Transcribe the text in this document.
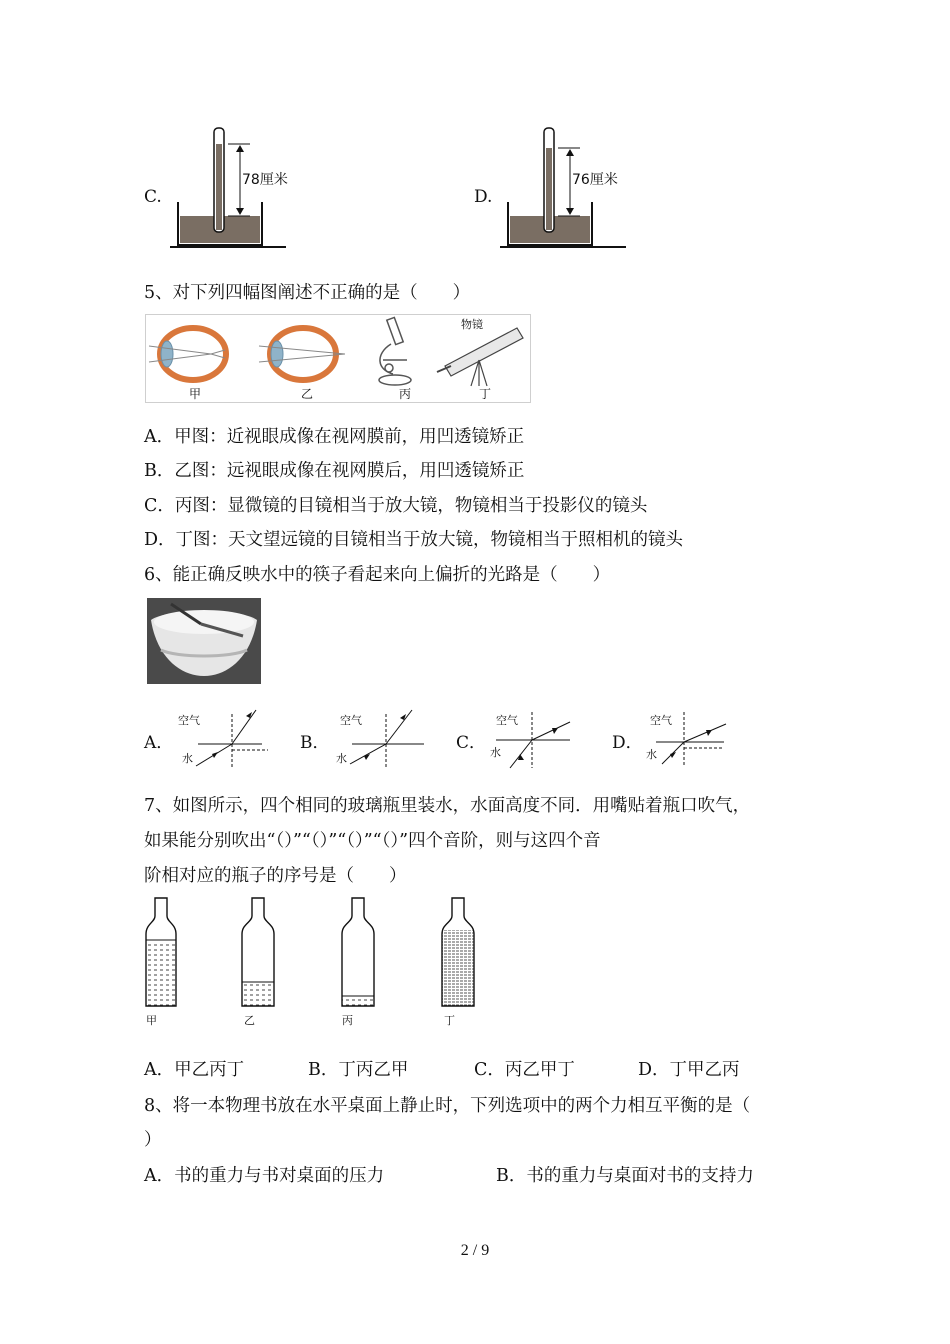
C.
78厘米
D.
76厘米
5、对下列四幅图阐述不正确的是（　　）
甲	乙	丙
物镜
丁
A．甲图：近视眼成像在视网膜前，用凹透镜矫正
B．乙图：远视眼成像在视网膜后，用凹透镜矫正
C．丙图：显微镜的目镜相当于放大镜，物镜相当于投影仪的镜头
D．丁图：天文望远镜的目镜相当于放大镜，物镜相当于照相机的镜头
6、能正确反映水中的筷子看起来向上偏折的光路是（　　）
A．
空气
水
B．
空气
水
C．
空气
水	D．
空气
水
7、如图所示，四个相同的玻璃瓶里装水，水面高度不同．用嘴贴着瓶口吹气，
如果能分别吹出“（）”“（）”“（）”“（）”四个音阶，则与这四个音
阶相对应的瓶子的序号是（　　）
甲	乙	丙	丁
A．甲乙丙丁	B．丁丙乙甲	C．丙乙甲丁	D．丁甲乙丙
8、将一本物理书放在水平桌面上静止时，下列选项中的两个力相互平衡的是（
）
A．书的重力与书对桌面的压力	B．书的重力与桌面对书的支持力
2 / 9
